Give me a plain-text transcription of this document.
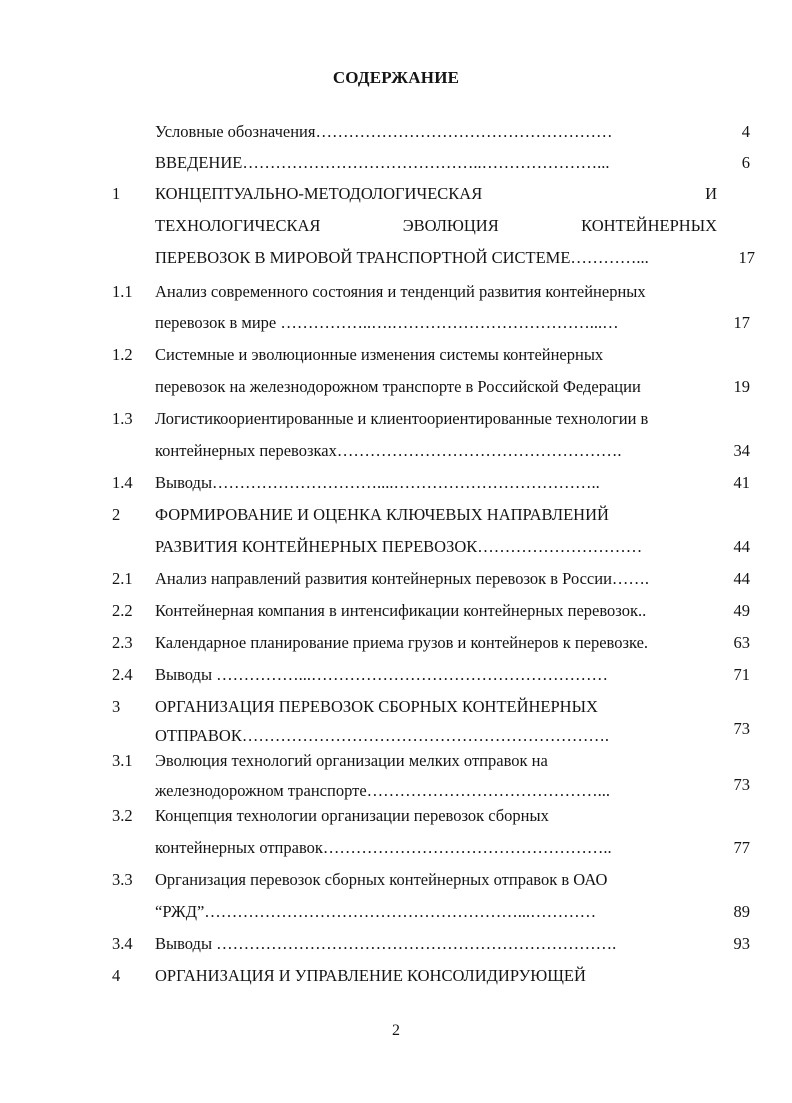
СОДЕРЖАНИЕ
Условные обозначения………………………………………………	4
ВВЕДЕНИЕ……………………………………..…………………...	6
1 КОНЦЕПТУАЛЬНО-МЕТОДОЛОГИЧЕСКАЯ И
ТЕХНОЛОГИЧЕСКАЯ ЭВОЛЮЦИЯ КОНТЕЙНЕРНЫХ
ПЕРЕВОЗОК В МИРОВОЙ ТРАНСПОРТНОЙ СИСТЕМЕ…………...	17
1.1 Анализ современного состояния и тенденций развития контейнерных
перевозок в мире ……………..….………………………………...…	17
1.2 Системные и эволюционные изменения системы контейнерных
перевозок на железнодорожном транспорте в Российской Федерации	19
1.3 Логистикоориентированные и клиентоориентированные технологии в
контейнерных перевозках…………………………………………….	34
1.4 Выводы…………………………....………………………………..	41
2 ФОРМИРОВАНИЕ И ОЦЕНКА КЛЮЧЕВЫХ НАПРАВЛЕНИЙ
РАЗВИТИЯ КОНТЕЙНЕРНЫХ ПЕРЕВОЗОК…………………………	44
2.1 Анализ направлений развития контейнерных перевозок в России…….	44
2.2 Контейнерная компания в интенсификации контейнерных перевозок..	49
2.3 Календарное планирование приема грузов и контейнеров к перевозке.	63
2.4 Выводы ……………...………………………………………………	71
3 ОРГАНИЗАЦИЯ ПЕРЕВОЗОК СБОРНЫХ КОНТЕЙНЕРНЫХ
ОТПРАВОК………………………………………………………….	73
3.1 Эволюция технологий организации мелких отправок на
железнодорожном транспорте……………………………………...	73
3.2 Концепция технологии организации перевозок сборных
контейнерных отправок……………………………………………..	77
3.3 Организация перевозок сборных контейнерных отправок в ОАО
“РЖД”…………………………………………………...…………	89
3.4 Выводы ……………………………………………………………….	93
4 ОРГАНИЗАЦИЯ И УПРАВЛЕНИЕ КОНСОЛИДИРУЮЩЕЙ
2
